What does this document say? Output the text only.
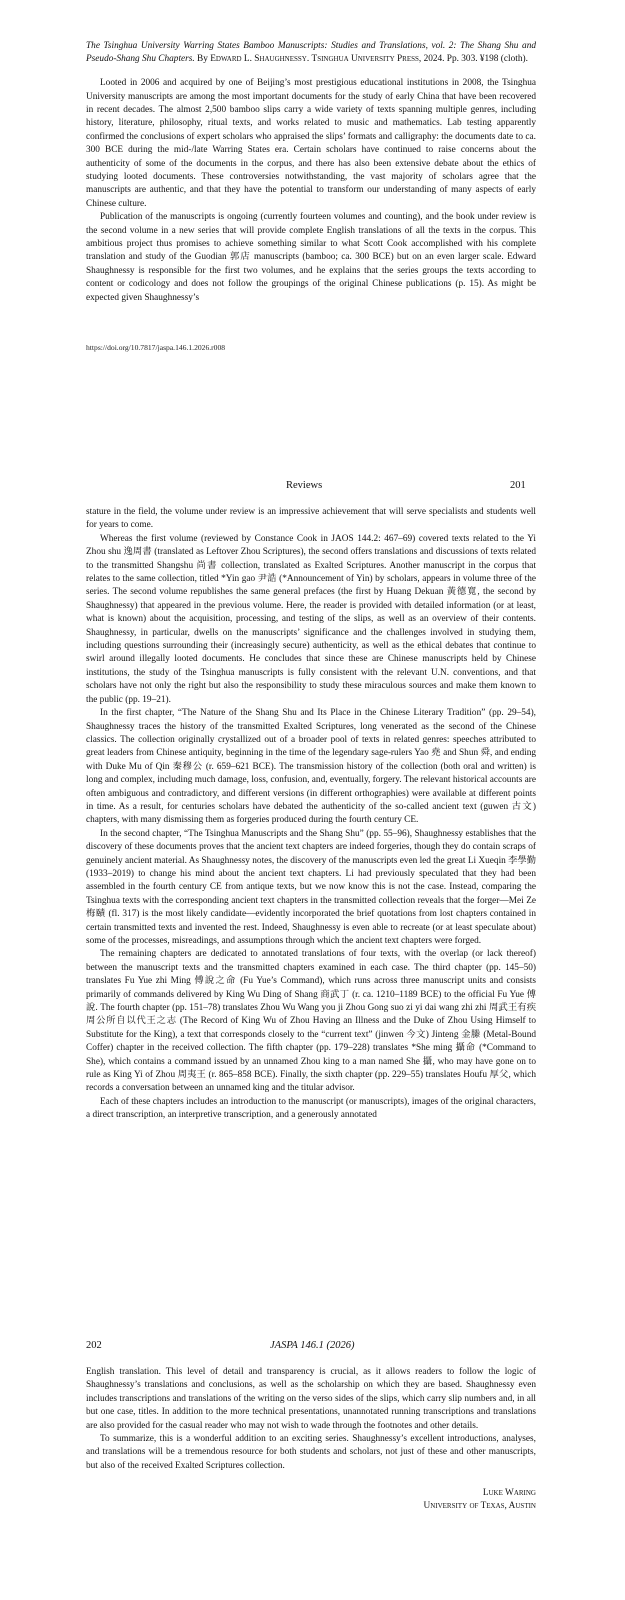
The Tsinghua University Warring States Bamboo Manuscripts: Studies and Translations, vol. 2: The Shang Shu and Pseudo-Shang Shu Chapters. By Edward L. Shaughnessy. Tsinghua University Press, 2024. Pp. 303. ¥198 (cloth).

Looted in 2006 and acquired by one of Beijing’s most prestigious educational institutions in 2008, the Tsinghua University manuscripts are among the most important documents for the study of early China that have been recovered in recent decades. The almost 2,500 bamboo slips carry a wide variety of texts spanning multiple genres, including history, literature, philosophy, ritual texts, and works related to music and mathematics. Lab testing apparently confirmed the conclusions of expert scholars who appraised the slips’ formats and calligraphy: the documents date to ca. 300 BCE during the mid-/late Warring States era. Certain scholars have continued to raise concerns about the authenticity of some of the documents in the corpus, and there has also been extensive debate about the ethics of studying looted documents. These controversies notwithstanding, the vast majority of scholars agree that the manuscripts are authentic, and that they have the potential to transform our understanding of many aspects of early Chinese culture.

Publication of the manuscripts is ongoing (currently fourteen volumes and counting), and the book under review is the second volume in a new series that will provide complete English translations of all the texts in the corpus. This ambitious project thus promises to achieve something similar to what Scott Cook accomplished with his complete translation and study of the Guodian 郭店 manuscripts (bamboo; ca. 300 BCE) but on an even larger scale. Edward Shaughnessy is responsible for the first two volumes, and he explains that the series groups the texts according to content or codicology and does not follow the groupings of the original Chinese publications (p. 15). As might be expected given Shaughnessy’s

https://doi.org/10.7817/jaspa.146.1.2026.r008
Reviews	201

stature in the field, the volume under review is an impressive achievement that will serve specialists and students well for years to come.

Whereas the first volume (reviewed by Constance Cook in JAOS 144.2: 467–69) covered texts related to the Yi Zhou shu 逸周書 (translated as Leftover Zhou Scriptures), the second offers translations and discussions of texts related to the transmitted Shangshu 尚書 collection, translated as Exalted Scriptures. Another manuscript in the corpus that relates to the same collection, titled *Yin gao 尹誥 (*Announcement of Yin) by scholars, appears in volume three of the series. The second volume republishes the same general prefaces (the first by Huang Dekuan 黃德寬, the second by Shaughnessy) that appeared in the previous volume. Here, the reader is provided with detailed information (or at least, what is known) about the acquisition, processing, and testing of the slips, as well as an overview of their contents. Shaughnessy, in particular, dwells on the manuscripts’ significance and the challenges involved in studying them, including questions surrounding their (increasingly secure) authenticity, as well as the ethical debates that continue to swirl around illegally looted documents. He concludes that since these are Chinese manuscripts held by Chinese institutions, the study of the Tsinghua manuscripts is fully consistent with the relevant U.N. conventions, and that scholars have not only the right but also the responsibility to study these miraculous sources and make them known to the public (pp. 19–21).

In the first chapter, “The Nature of the Shang Shu and Its Place in the Chinese Literary Tradition” (pp. 29–54), Shaughnessy traces the history of the transmitted Exalted Scriptures, long venerated as the second of the Chinese classics. The collection originally crystallized out of a broader pool of texts in related genres: speeches attributed to great leaders from Chinese antiquity, beginning in the time of the legendary sage-rulers Yao 堯 and Shun 舜, and ending with Duke Mu of Qin 秦穆公 (r. 659–621 BCE). The transmission history of the collection (both oral and written) is long and complex, including much damage, loss, confusion, and, eventually, forgery. The relevant historical accounts are often ambiguous and contradictory, and different versions (in different orthographies) were available at different points in time. As a result, for centuries scholars have debated the authenticity of the so-called ancient text (guwen 古文) chapters, with many dismissing them as forgeries produced during the fourth century CE.

In the second chapter, “The Tsinghua Manuscripts and the Shang Shu” (pp. 55–96), Shaughnessy establishes that the discovery of these documents proves that the ancient text chapters are indeed forgeries, though they do contain scraps of genuinely ancient material. As Shaughnessy notes, the discovery of the manuscripts even led the great Li Xueqin 李學勤 (1933–2019) to change his mind about the ancient text chapters. Li had previously speculated that they had been assembled in the fourth century CE from antique texts, but we now know this is not the case. Instead, comparing the Tsinghua texts with the corresponding ancient text chapters in the transmitted collection reveals that the forger—Mei Ze 梅賾 (fl. 317) is the most likely candidate—evidently incorporated the brief quotations from lost chapters contained in certain transmitted texts and invented the rest. Indeed, Shaughnessy is even able to recreate (or at least speculate about) some of the processes, misreadings, and assumptions through which the ancient text chapters were forged.

The remaining chapters are dedicated to annotated translations of four texts, with the overlap (or lack thereof) between the manuscript texts and the transmitted chapters examined in each case. The third chapter (pp. 145–50) translates Fu Yue zhi Ming 傅說之命 (Fu Yue’s Command), which runs across three manuscript units and consists primarily of commands delivered by King Wu Ding of Shang 商武丁 (r. ca. 1210–1189 BCE) to the official Fu Yue 傅說. The fourth chapter (pp. 151–78) translates Zhou Wu Wang you ji Zhou Gong suo zi yi dai wang zhi zhi 周武王有疾周公所自以代王之志 (The Record of King Wu of Zhou Having an Illness and the Duke of Zhou Using Himself to Substitute for the King), a text that corresponds closely to the “current text” (jinwen 今文) Jinteng 金縢 (Metal-Bound Coffer) chapter in the received collection. The fifth chapter (pp. 179–228) translates *She ming 攝命 (*Command to She), which contains a command issued by an unnamed Zhou king to a man named She 攝, who may have gone on to rule as King Yi of Zhou 周夷王 (r. 865–858 BCE). Finally, the sixth chapter (pp. 229–55) translates Houfu 厚父, which records a conversation between an unnamed king and the titular advisor.

Each of these chapters includes an introduction to the manuscript (or manuscripts), images of the original characters, a direct transcription, an interpretive transcription, and a generously annotated

202	JASPA 146.1 (2026)

English translation. This level of detail and transparency is crucial, as it allows readers to follow the logic of Shaughnessy’s translations and conclusions, as well as the scholarship on which they are based. Shaughnessy even includes transcriptions and translations of the writing on the verso sides of the slips, which carry slip numbers and, in all but one case, titles. In addition to the more technical presentations, unannotated running transcriptions and translations are also provided for the casual reader who may not wish to wade through the footnotes and other details.

To summarize, this is a wonderful addition to an exciting series. Shaughnessy’s excellent introductions, analyses, and translations will be a tremendous resource for both students and scholars, not just of these and other manuscripts, but also of the received Exalted Scriptures collection.

Luke Waring
University of Texas, Austin
